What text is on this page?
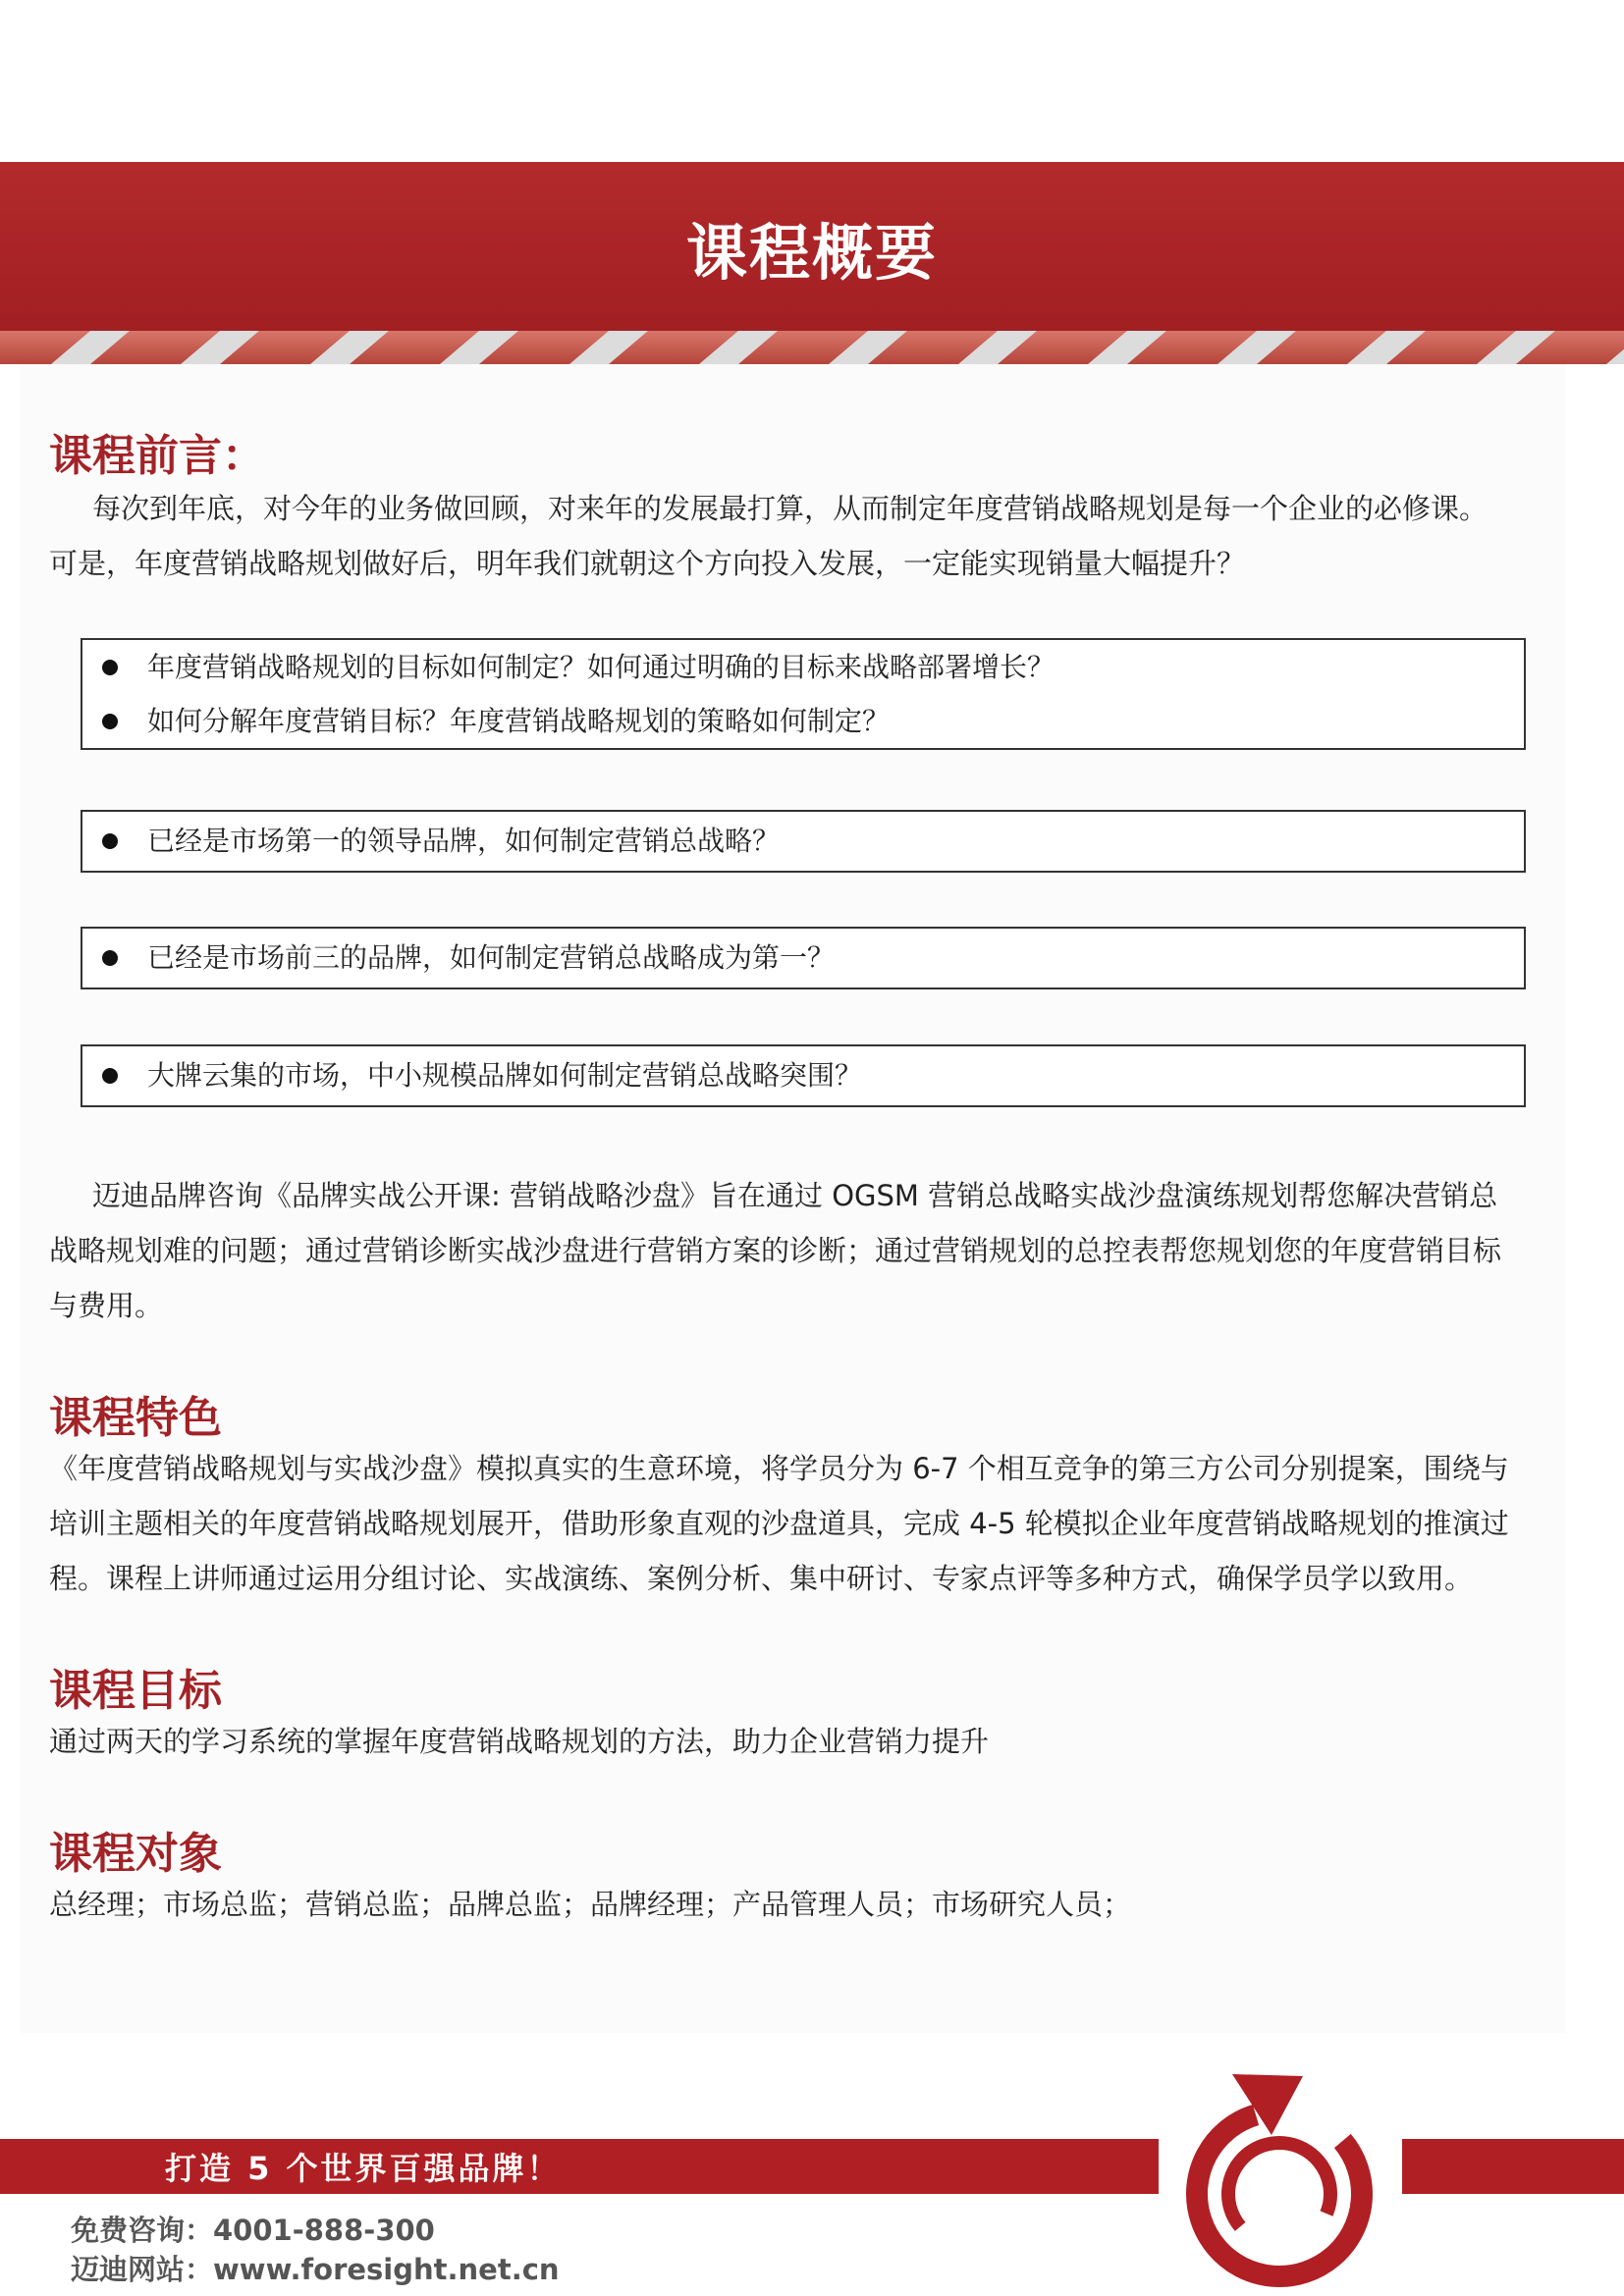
课程概要
课程前言：
每次到年底，对今年的业务做回顾，对来年的发展最打算，从而制定年度营销战略规划是每一个企业的必修课。
可是，年度营销战略规划做好后，明年我们就朝这个方向投入发展，一定能实现销量大幅提升？
年度营销战略规划的目标如何制定？如何通过明确的目标来战略部署增长？
如何分解年度营销目标？年度营销战略规划的策略如何制定？
已经是市场第一的领导品牌，如何制定营销总战略？
已经是市场前三的品牌，如何制定营销总战略成为第一？
大牌云集的市场，中小规模品牌如何制定营销总战略突围？
迈迪品牌咨询《品牌实战公开课: 营销战略沙盘》旨在通过 OGSM 营销总战略实战沙盘演练规划帮您解决营销总
战略规划难的问题；通过营销诊断实战沙盘进行营销方案的诊断；通过营销规划的总控表帮您规划您的年度营销目标
与费用。
课程特色
《年度营销战略规划与实战沙盘》模拟真实的生意环境，将学员分为 6-7 个相互竞争的第三方公司分别提案，围绕与
培训主题相关的年度营销战略规划展开，借助形象直观的沙盘道具，完成 4-5 轮模拟企业年度营销战略规划的推演过
程。课程上讲师通过运用分组讨论、实战演练、案例分析、集中研讨、专家点评等多种方式，确保学员学以致用。
课程目标
通过两天的学习系统的掌握年度营销战略规划的方法，助力企业营销力提升
课程对象
总经理；市场总监；营销总监；品牌总监；品牌经理；产品管理人员；市场研究人员；
打造 5 个世界百强品牌！
免费咨询：4001-888-300
迈迪网站：www.foresight.net.cn
